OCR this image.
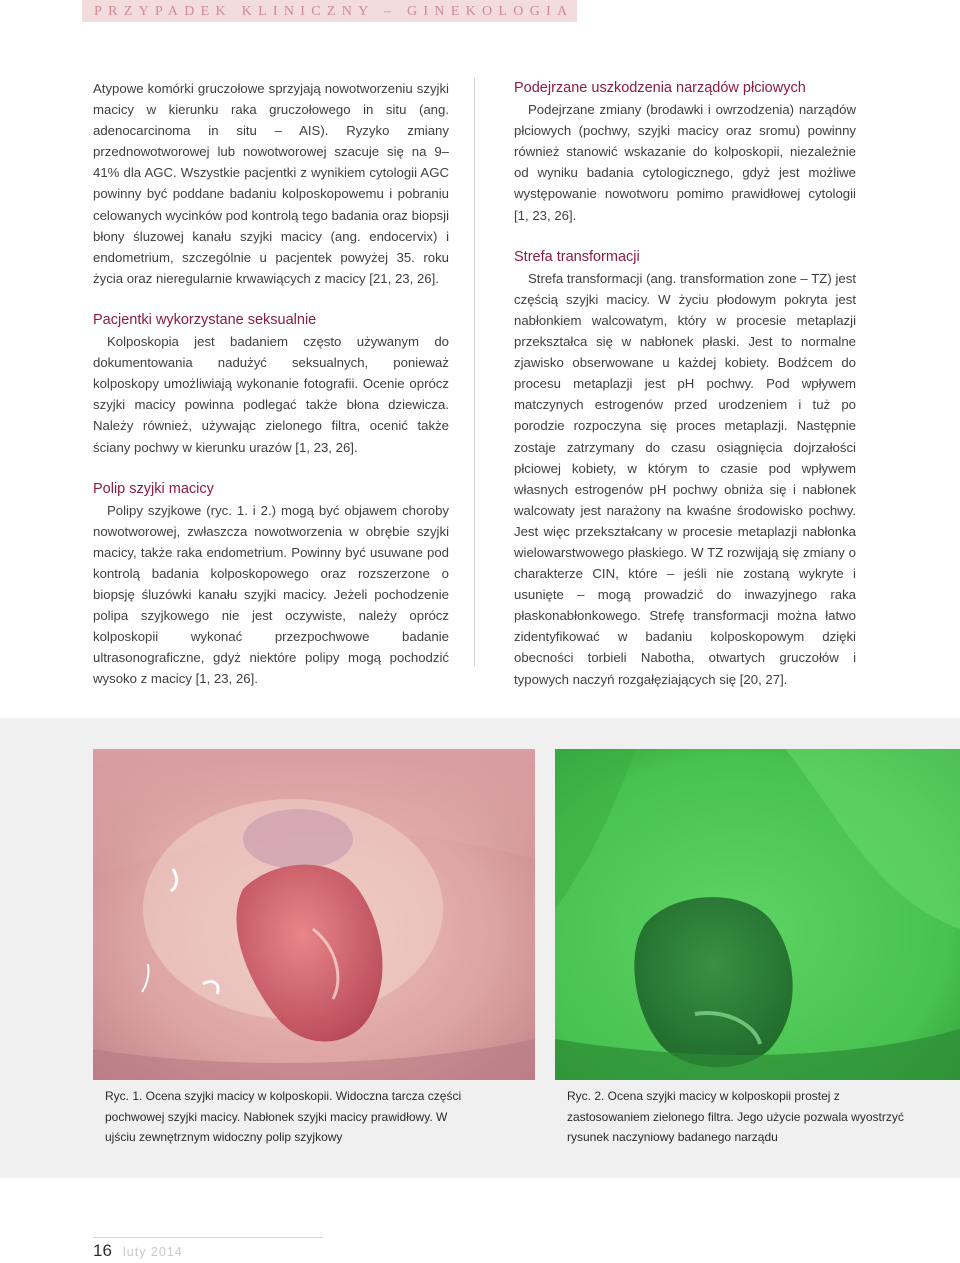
PRZYPADEK KLINICZNY – GINEKOLOGIA

Atypowe komórki gruczołowe sprzyjają nowotworzeniu szyjki macicy w kierunku raka gruczołowego in situ (ang. adenocarcinoma in situ – AIS). Ryzyko zmiany przednowotworowej lub nowotworowej szacuje się na 9–41% dla AGC. Wszystkie pacjentki z wynikiem cytologii AGC powinny być poddane badaniu kolposkopowemu i pobraniu celowanych wycinków pod kontrolą tego badania oraz biopsji błony śluzowej kanału szyjki macicy (ang. endocervix) i endometrium, szczególnie u pacjentek powyżej 35. roku życia oraz nieregularnie krwawiących z macicy [21, 23, 26].

Pacjentki wykorzystane seksualnie

Kolposkopia jest badaniem często używanym do dokumentowania nadużyć seksualnych, ponieważ kolposkopy umożliwiają wykonanie fotografii. Ocenie oprócz szyjki macicy powinna podlegać także błona dziewicza. Należy również, używając zielonego filtra, ocenić także ściany pochwy w kierunku urazów [1, 23, 26].

Polip szyjki macicy

Polipy szyjkowe (ryc. 1. i 2.) mogą być objawem choroby nowotworowej, zwłaszcza nowotworzenia w obrębie szyjki macicy, także raka endometrium. Powinny być usuwane pod kontrolą badania kolposkopowego oraz rozszerzone o biopsję śluzówki kanału szyjki macicy. Jeżeli pochodzenie polipa szyjkowego nie jest oczywiste, należy oprócz kolposkopii wykonać przezpochwowe badanie ultrasonograficzne, gdyż niektóre polipy mogą pochodzić wysoko z macicy [1, 23, 26].

Podejrzane uszkodzenia narządów płciowych

Podejrzane zmiany (brodawki i owrzodzenia) narządów płciowych (pochwy, szyjki macicy oraz sromu) powinny również stanowić wskazanie do kolposkopii, niezależnie od wyniku badania cytologicznego, gdyż jest możliwe występowanie nowotworu pomimo prawidłowej cytologii [1, 23, 26].

Strefa transformacji

Strefa transformacji (ang. transformation zone – TZ) jest częścią szyjki macicy. W życiu płodowym pokryta jest nabłonkiem walcowatym, który w procesie metaplazji przekształca się w nabłonek płaski. Jest to normalne zjawisko obserwowane u każdej kobiety. Bodźcem do procesu metaplazji jest pH pochwy. Pod wpływem matczynych estrogenów przed urodzeniem i tuż po porodzie rozpoczyna się proces metaplazji. Następnie zostaje zatrzymany do czasu osiągnięcia dojrzałości płciowej kobiety, w którym to czasie pod wpływem własnych estrogenów pH pochwy obniża się i nabłonek walcowaty jest narażony na kwaśne środowisko pochwy. Jest więc przekształcany w procesie metaplazji nabłonka wielowarstwowego płaskiego. W TZ rozwijają się zmiany o charakterze CIN, które – jeśli nie zostaną wykryte i usunięte – mogą prowadzić do inwazyjnego raka płaskonabłonkowego. Strefę transformacji można łatwo zidentyfikować w badaniu kolposkopowym dzięki obecności torbieli Nabotha, otwartych gruczołów i typowych naczyń rozgałęziających się [20, 27].

Ryc. 1. Ocena szyjki macicy w kolposkopii. Widoczna tarcza części pochwowej szyjki macicy. Nabłonek szyjki macicy prawidłowy. W ujściu zewnętrznym widoczny polip szyjkowy
Ryc. 2. Ocena szyjki macicy w kolposkopii prostej z zastosowaniem zielonego filtra. Jego użycie pozwala wyostrzyć rysunek naczyniowy badanego narządu
16 luty 2014
